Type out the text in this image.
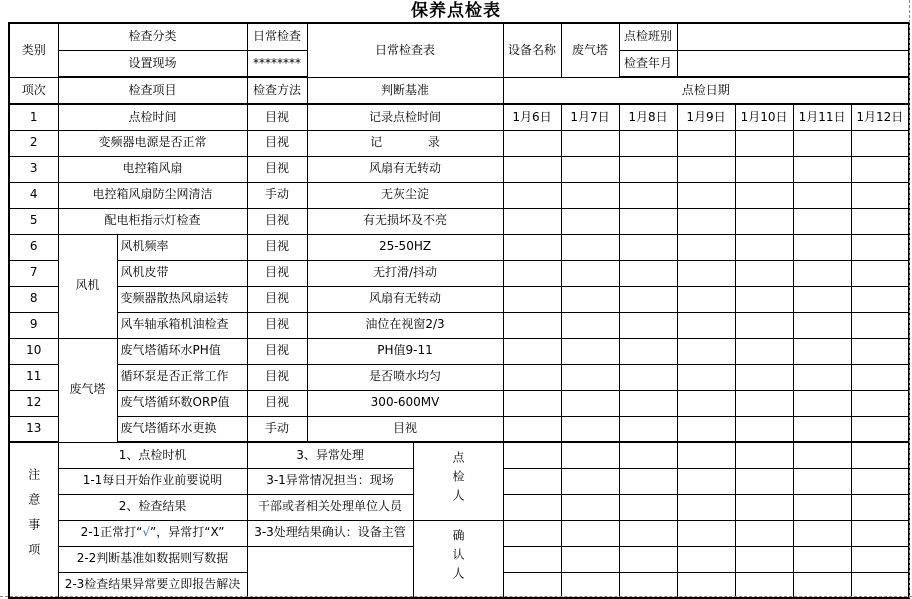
保养点检表
类别	检查分类		日常检查	日常检查表		设备名称	废气塔	点检班别				
	设置现场		********					检查年月				
项次	检查项目		检查方法	判断基准		点检日期						
1	点检时间		目视	记录点检时间		1月6日	1月7日	1月8日	1月9日	1月10日	1月11日	1月12日
2	变频器电源是否正常		目视	记            录								
3	电控箱风扇		目视	风扇有无转动								
4	电控箱风扇防尘网清洁		手动	无灰尘淀								
5	配电柜指示灯检查		目视	有无损坏及不亮								
6	风机	风机频率	目视	25-50HZ								
7		风机皮带	目视	无打滑/抖动								
8		变频器散热风扇运转	目视	风扇有无转动								
9		风车轴承箱机油检查	目视	油位在视窗2/3								
10	废气塔	废气塔循环水PH值	目视	PH值9-11								
11		循环泵是否正常工作	目视	是否喷水均匀								
12		废气塔循环数ORP值	目视	300-600MV								
13		废气塔循环水更换	手动	目视								
注意事项	1、点检时机		3、异常处理		点检人							
	1-1每日开始作业前要说明		3-1异常情况担当：现场									
	2、检查结果		干部或者相关处理单位人员									
	2-1正常打“√”，异常打“X”		3-3处理结果确认：设备主管		确认人							
	2-2判断基准如数据则写数据											
	2-3检查结果异常要立即报告解决											
